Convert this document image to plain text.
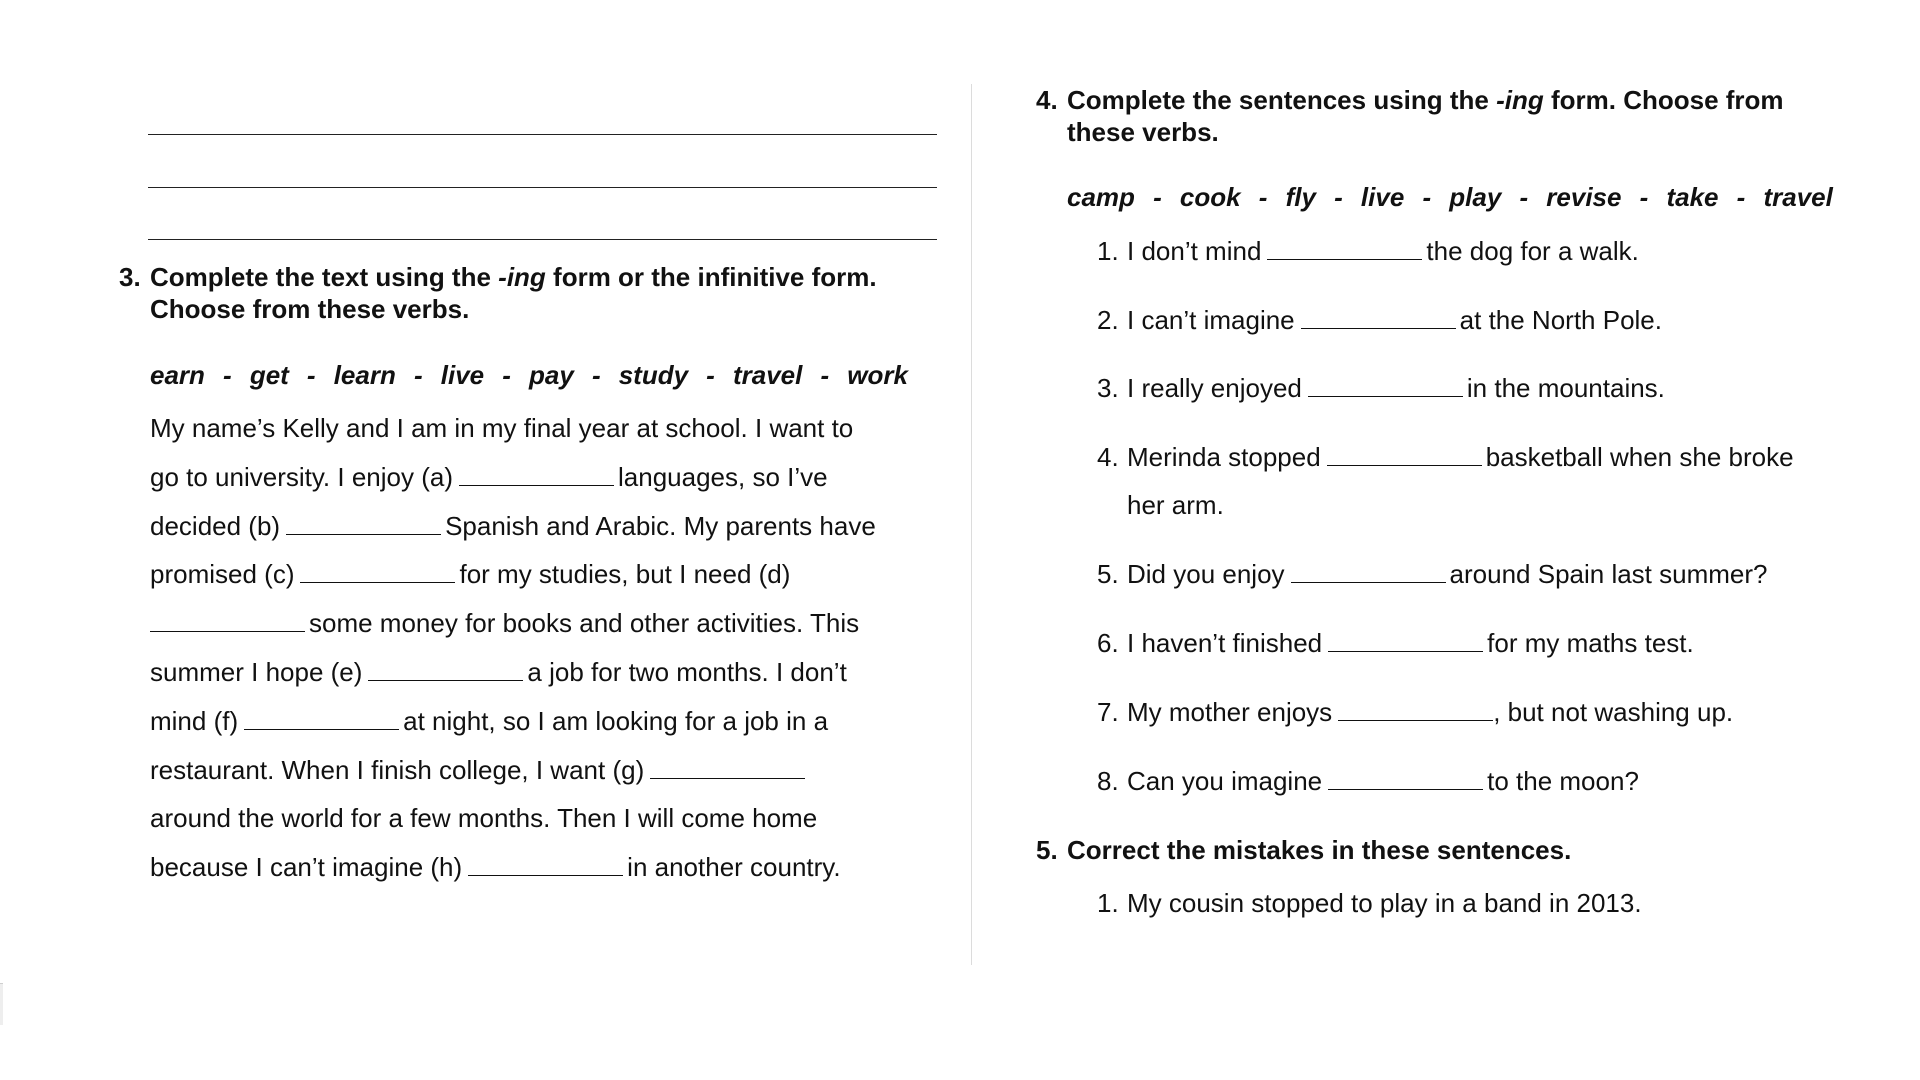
3. Complete the text using the -ing form or the infinitive form.
Choose from these verbs.
earn - get - learn - live - pay - study - travel - work
My name’s Kelly and I am in my final year at school. I want to
go to university. I enjoy (a)	languages, so I’ve
decided (b)	Spanish and Arabic. My parents have
promised (c)	for my studies, but I need (d)
some money for books and other activities. This
summer I hope (e)	a job for two months. I don’t
mind (f)	at night, so I am looking for a job in a
restaurant. When I finish college, I want (g)
around the world for a few months. Then I will come home
because I can’t imagine (h)	in another country.
4. Complete the sentences using the -ing form. Choose from
these verbs.
camp - cook - fly - live - play - revise - take - travel
1. I don’t mind	the dog for a walk.
2. I can’t imagine	at the North Pole.
3. I really enjoyed	in the mountains.
4. Merinda stopped	basketball when she broke
her arm.
5. Did you enjoy	around Spain last summer?
6. I haven’t finished	for my maths test.
7. My mother enjoys	, but not washing up.
8. Can you imagine	to the moon?
5. Correct the mistakes in these sentences.
1. My cousin stopped to play in a band in 2013.
